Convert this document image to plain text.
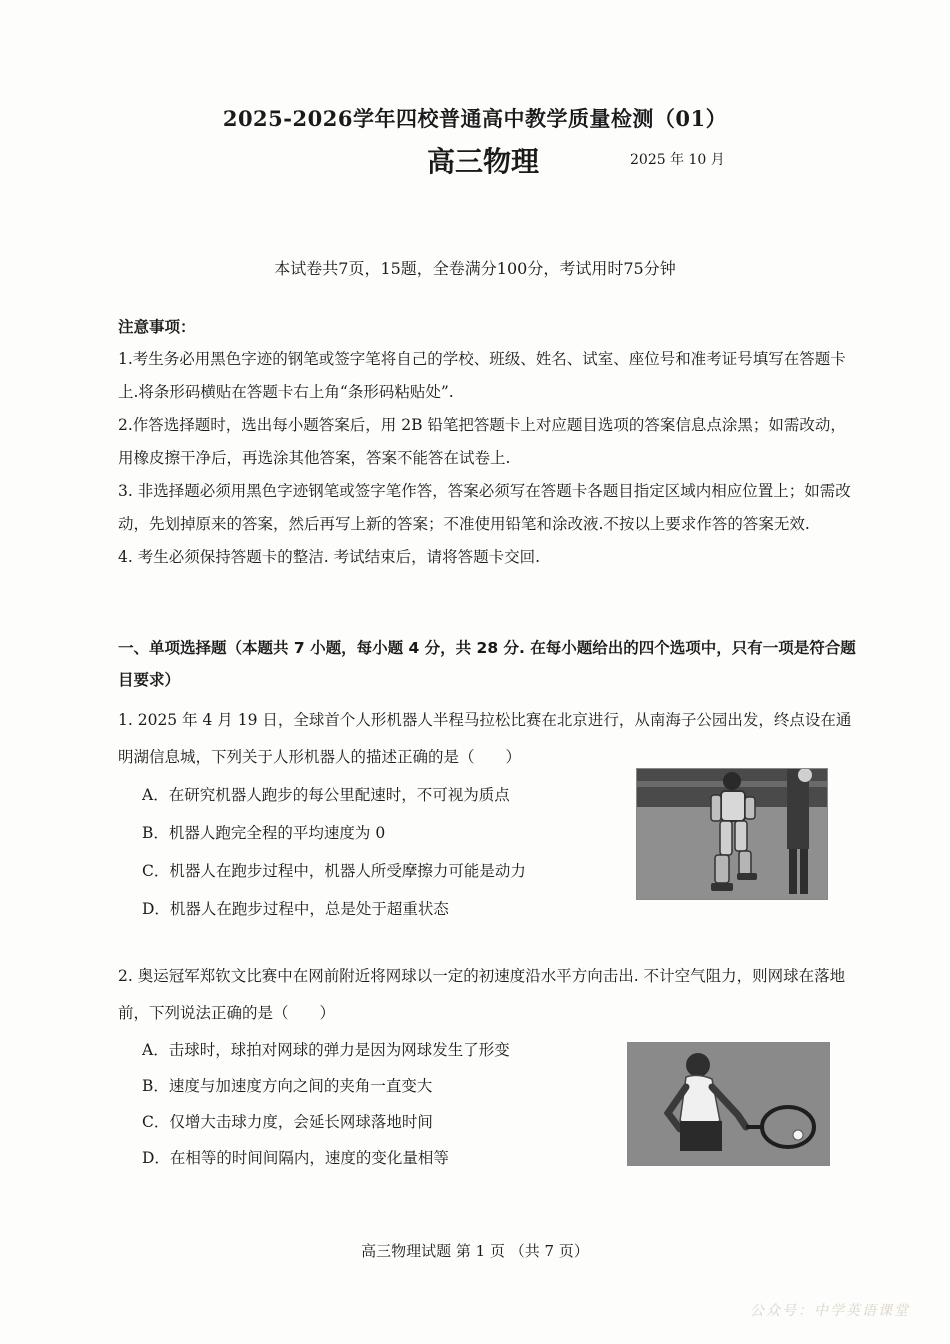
2025-2026学年四校普通高中教学质量检测（01）
高三物理	2025 年 10 月
本试卷共7页，15题，全卷满分100分，考试用时75分钟

注意事项：

1.考生务必用黑色字迹的钢笔或签字笔将自己的学校、班级、姓名、试室、座位号和准考证号填写在答题卡上.将条形码横贴在答题卡右上角“条形码粘贴处”.

2.作答选择题时，选出每小题答案后，用 2B 铅笔把答题卡上对应题目选项的答案信息点涂黑；如需改动，用橡皮擦干净后，再选涂其他答案，答案不能答在试卷上.

3. 非选择题必须用黑色字迹钢笔或签字笔作答，答案必须写在答题卡各题目指定区域内相应位置上；如需改动，先划掉原来的答案，然后再写上新的答案；不准使用铅笔和涂改液.不按以上要求作答的答案无效.

4. 考生必须保持答题卡的整洁. 考试结束后，请将答题卡交回.

一、单项选择题（本题共 7 小题，每小题 4 分，共 28 分. 在每小题给出的四个选项中，只有一项是符合题目要求）

1. 2025 年 4 月 19 日，全球首个人形机器人半程马拉松比赛在北京进行，从南海子公园出发，终点设在通明湖信息城，下列关于人形机器人的描述正确的是（　　）

A．在研究机器人跑步的每公里配速时，不可视为质点
B．机器人跑完全程的平均速度为 0
C．机器人在跑步过程中，机器人所受摩擦力可能是动力
D．机器人在跑步过程中，总是处于超重状态

2. 奥运冠军郑钦文比赛中在网前附近将网球以一定的初速度沿水平方向击出. 不计空气阻力，则网球在落地前，下列说法正确的是（　　）

A．击球时，球拍对网球的弹力是因为网球发生了形变
B．速度与加速度方向之间的夹角一直变大
C．仅增大击球力度，会延长网球落地时间
D．在相等的时间间隔内，速度的变化量相等
高三物理试题 第 1 页 （共 7 页）
公众号：中学英语课堂
